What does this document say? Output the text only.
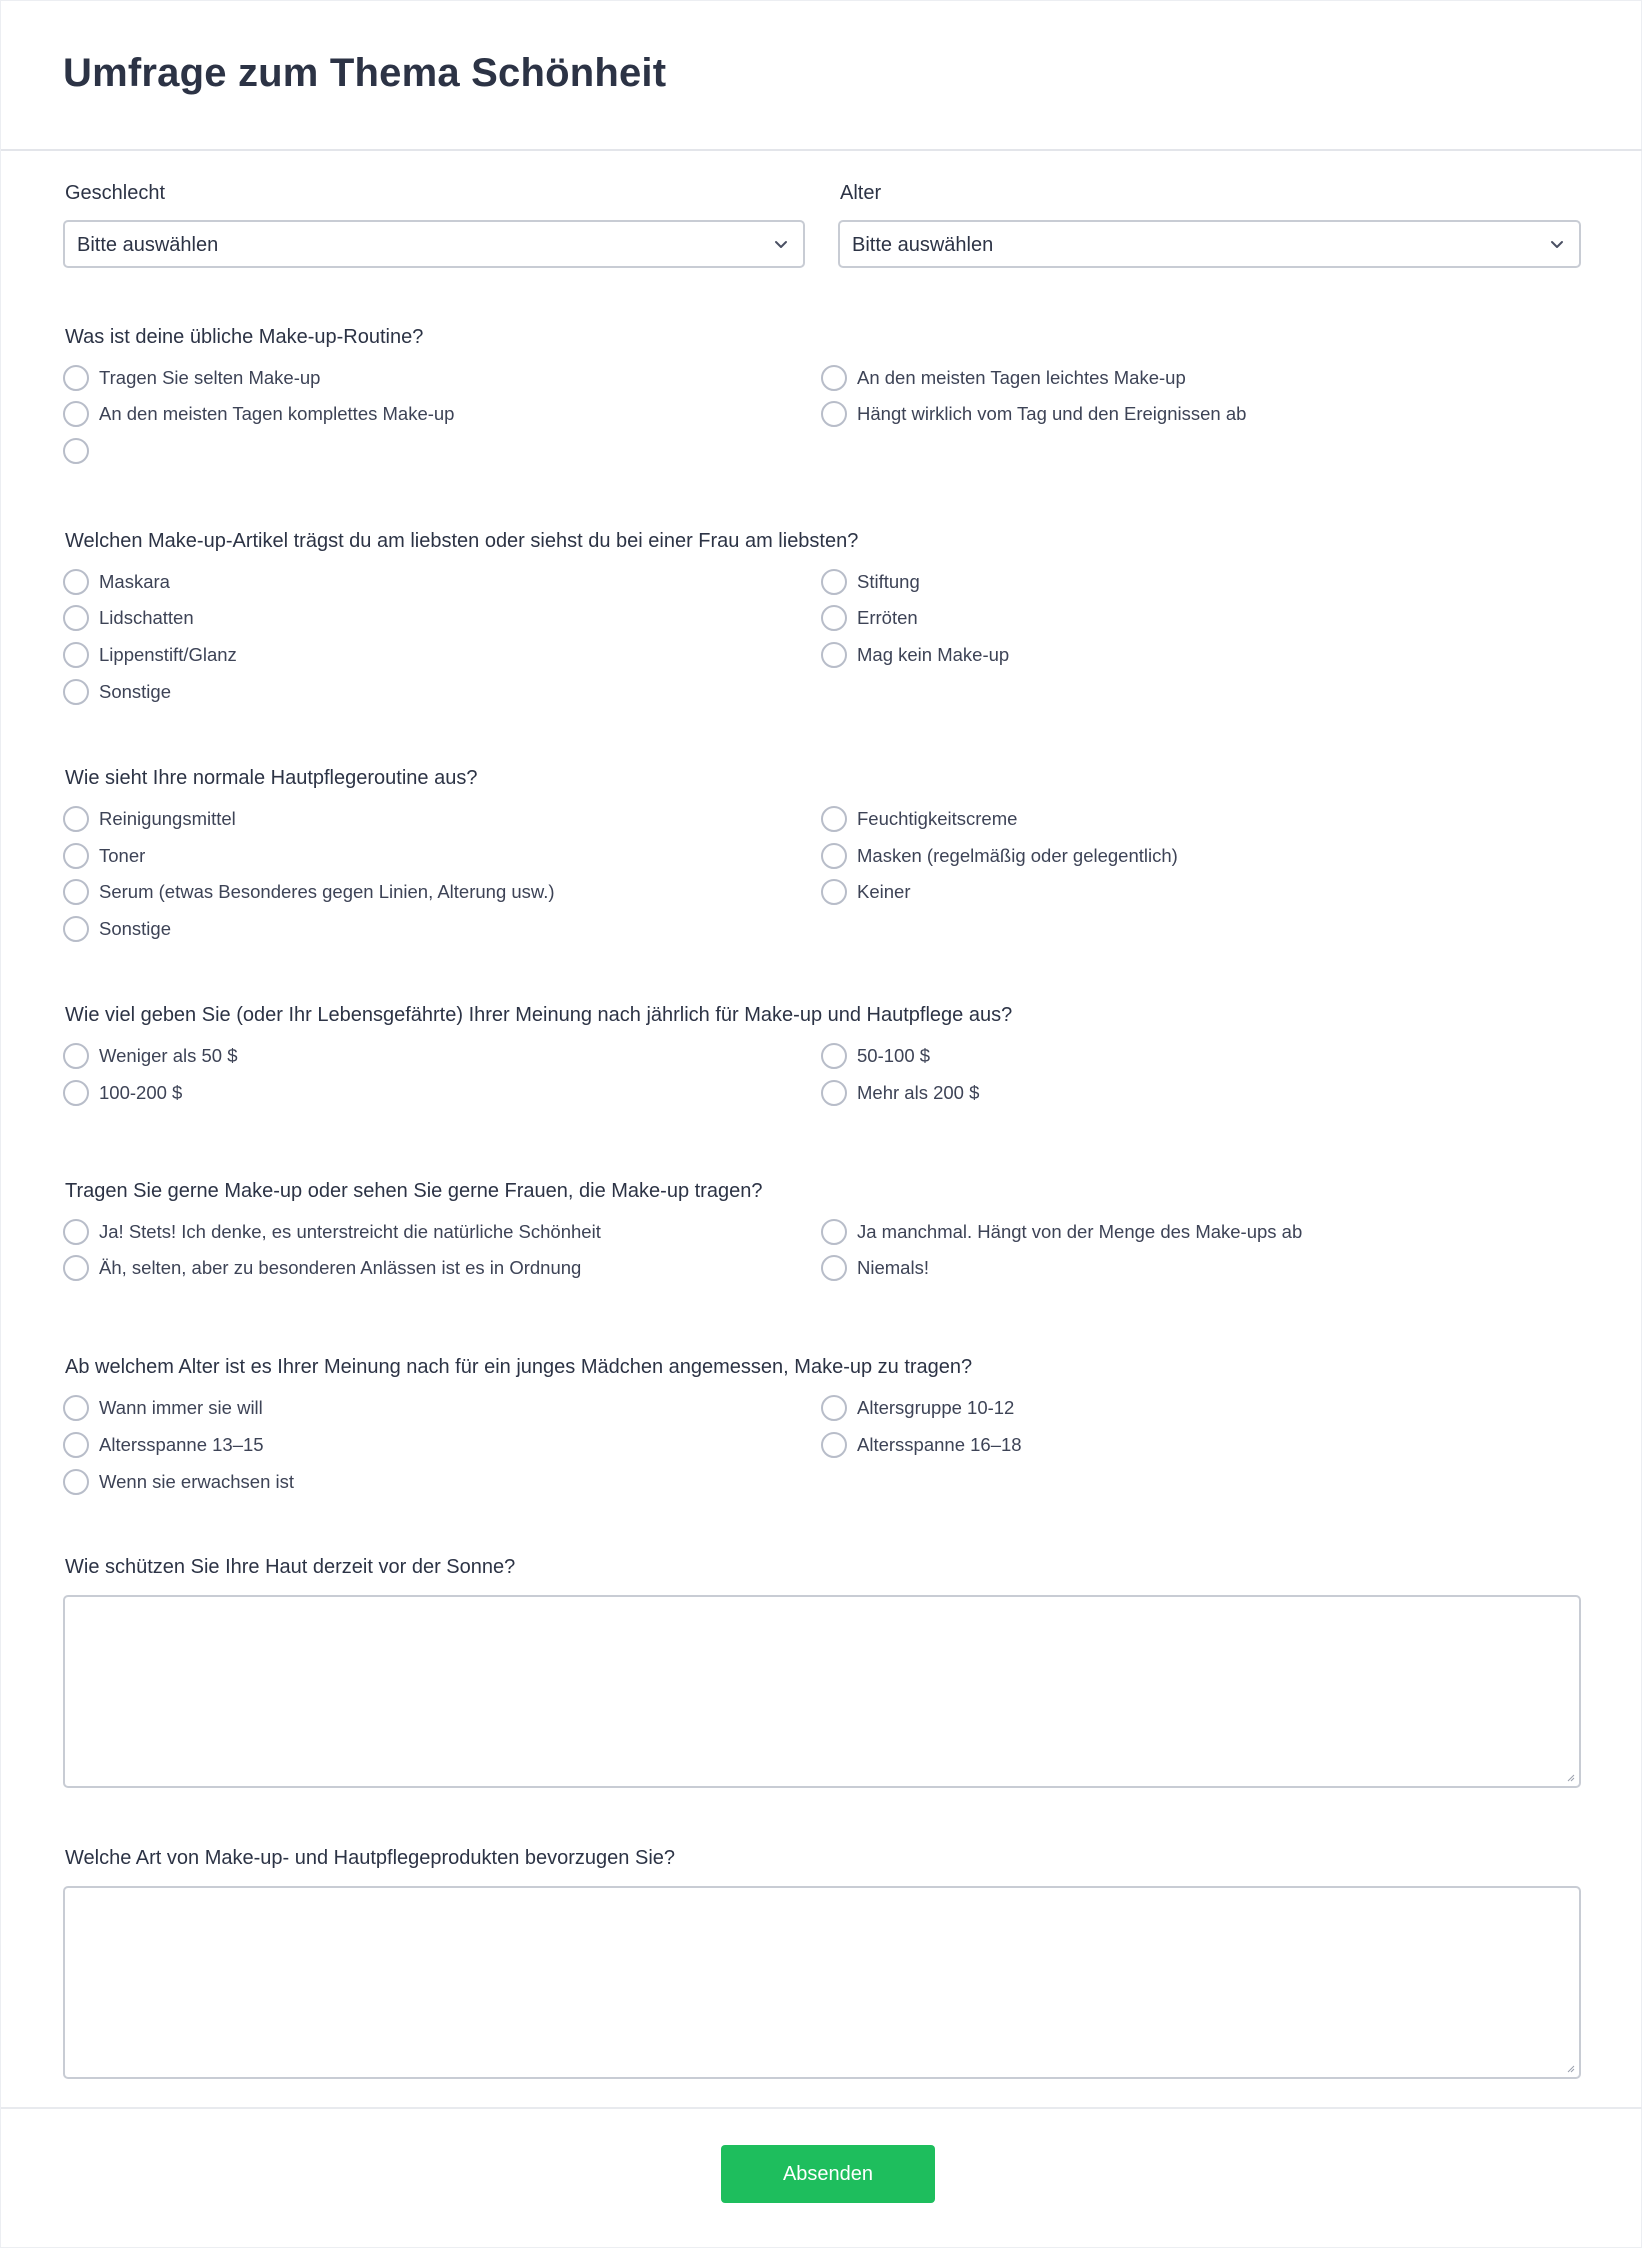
Umfrage zum Thema Schönheit
Geschlecht
Bitte auswählen
Alter
Bitte auswählen
Was ist deine übliche Make-up-Routine?
Tragen Sie selten Make-up	An den meisten Tagen leichtes Make-up
An den meisten Tagen komplettes Make-up	Hängt wirklich vom Tag und den Ereignissen ab
Welchen Make-up-Artikel trägst du am liebsten oder siehst du bei einer Frau am liebsten?
Maskara	Stiftung
Lidschatten	Erröten
Lippenstift/Glanz	Mag kein Make-up
Sonstige
Wie sieht Ihre normale Hautpflegeroutine aus?
Reinigungsmittel	Feuchtigkeitscreme
Toner	Masken (regelmäßig oder gelegentlich)
Serum (etwas Besonderes gegen Linien, Alterung usw.)	Keiner
Sonstige
Wie viel geben Sie (oder Ihr Lebensgefährte) Ihrer Meinung nach jährlich für Make-up und Hautpflege aus?
Weniger als 50 $	50-100 $
100-200 $	Mehr als 200 $
Tragen Sie gerne Make-up oder sehen Sie gerne Frauen, die Make-up tragen?
Ja! Stets! Ich denke, es unterstreicht die natürliche Schönheit	Ja manchmal. Hängt von der Menge des Make-ups ab
Äh, selten, aber zu besonderen Anlässen ist es in Ordnung	Niemals!
Ab welchem Alter ist es Ihrer Meinung nach für ein junges Mädchen angemessen, Make-up zu tragen?
Wann immer sie will	Altersgruppe 10-12
Altersspanne 13–15	Altersspanne 16–18
Wenn sie erwachsen ist
Wie schützen Sie Ihre Haut derzeit vor der Sonne?
Welche Art von Make-up- und Hautpflegeprodukten bevorzugen Sie?
Absenden
